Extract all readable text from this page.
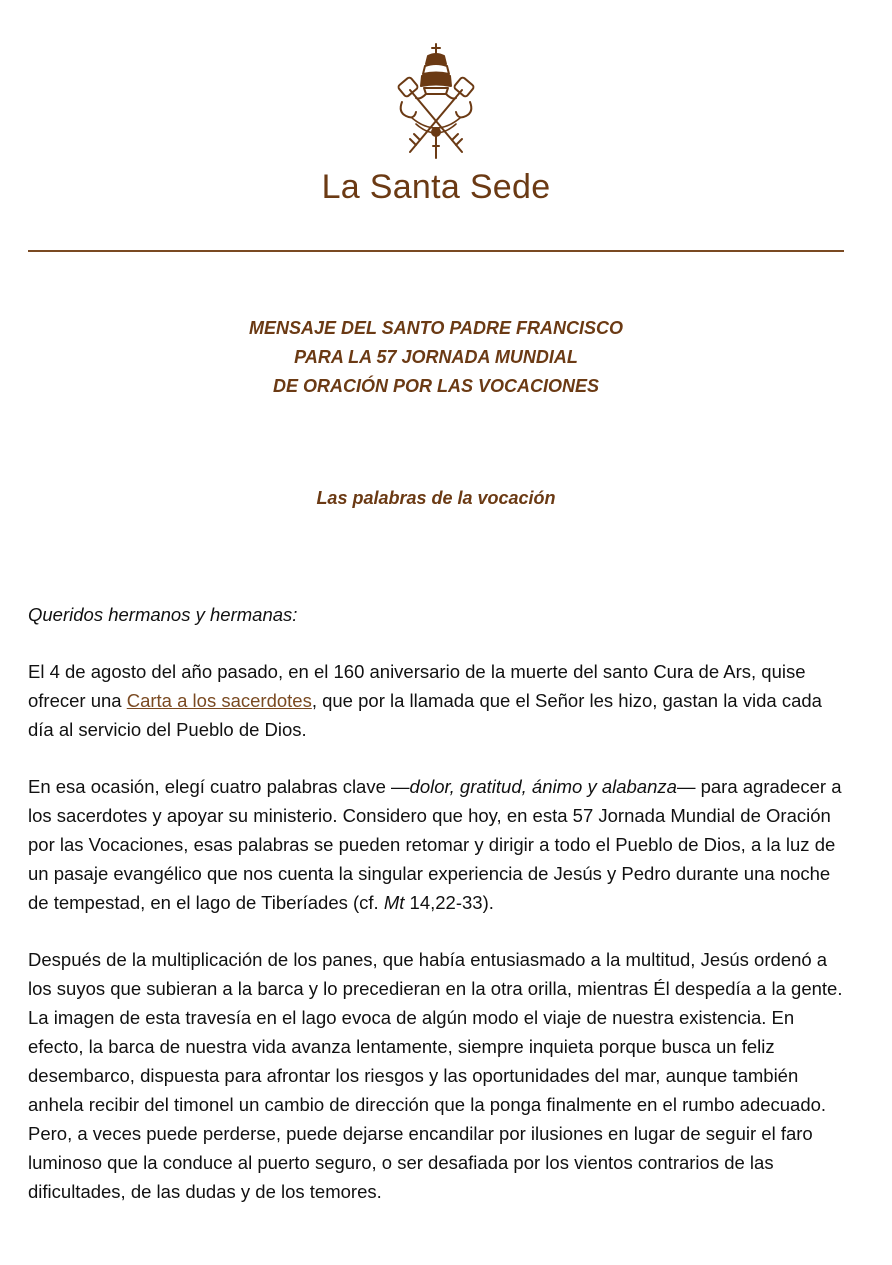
La Santa Sede
MENSAJE DEL SANTO PADRE FRANCISCO
PARA LA 57 JORNADA MUNDIAL
DE ORACIÓN POR LAS VOCACIONES
Las palabras de la vocación

Queridos hermanos y hermanas:

El 4 de agosto del año pasado, en el 160 aniversario de la muerte del santo Cura de Ars, quise ofrecer una Carta a los sacerdotes, que por la llamada que el Señor les hizo, gastan la vida cada día al servicio del Pueblo de Dios.

En esa ocasión, elegí cuatro palabras clave —dolor, gratitud, ánimo y alabanza— para agradecer a los sacerdotes y apoyar su ministerio. Considero que hoy, en esta 57 Jornada Mundial de Oración por las Vocaciones, esas palabras se pueden retomar y dirigir a todo el Pueblo de Dios, a la luz de un pasaje evangélico que nos cuenta la singular experiencia de Jesús y Pedro durante una noche de tempestad, en el lago de Tiberíades (cf. Mt 14,22-33).

Después de la multiplicación de los panes, que había entusiasmado a la multitud, Jesús ordenó a los suyos que subieran a la barca y lo precedieran en la otra orilla, mientras Él despedía a la gente. La imagen de esta travesía en el lago evoca de algún modo el viaje de nuestra existencia. En efecto, la barca de nuestra vida avanza lentamente, siempre inquieta porque busca un feliz desembarco, dispuesta para afrontar los riesgos y las oportunidades del mar, aunque también anhela recibir del timonel un cambio de dirección que la ponga finalmente en el rumbo adecuado. Pero, a veces puede perderse, puede dejarse encandilar por ilusiones en lugar de seguir el faro luminoso que la conduce al puerto seguro, o ser desafiada por los vientos contrarios de las dificultades, de las dudas y de los temores.
